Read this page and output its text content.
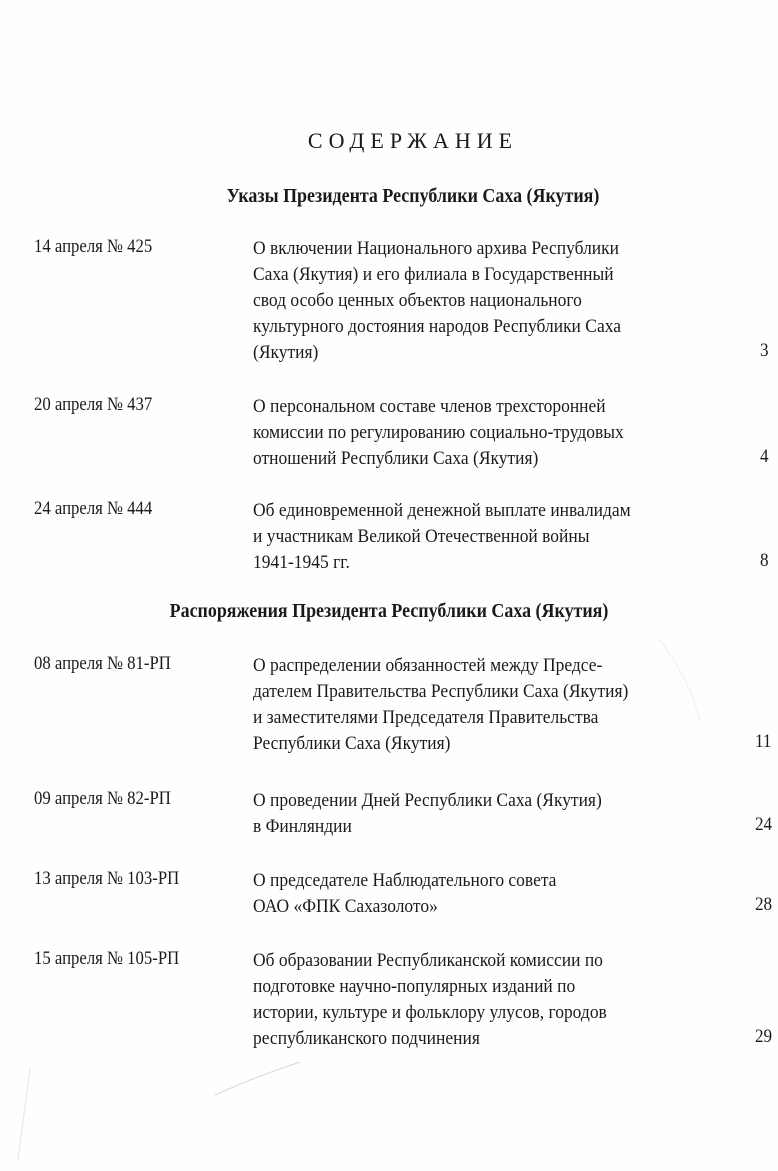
СОДЕРЖАНИЕ
Указы Президента Республики Саха (Якутия)
14 апреля № 425	О включении Национального архива Республики
Саха (Якутия) и его филиала в Государственный
свод особо ценных объектов национального
культурного достояния народов Республики Саха
(Якутия)	3
20 апреля № 437	О персональном составе членов трехсторонней
комиссии по регулированию социально-трудовых
отношений Республики Саха (Якутия)	4
24 апреля № 444	Об единовременной денежной выплате инвалидам
и участникам Великой Отечественной войны
1941-1945 гг.	8
Распоряжения Президента Республики Саха (Якутия)
08 апреля № 81-РП	О распределении обязанностей между Предсе-
дателем Правительства Республики Саха (Якутия)
и заместителями Председателя Правительства
Республики Саха (Якутия)	11
09 апреля № 82-РП	О проведении Дней Республики Саха (Якутия)
в Финляндии	24
13 апреля № 103-РП	О председателе Наблюдательного совета
ОАО «ФПК Сахазолото»	28
15 апреля № 105-РП	Об образовании Республиканской комиссии по
подготовке научно-популярных изданий по
истории, культуре и фольклору улусов, городов
республиканского подчинения	29
